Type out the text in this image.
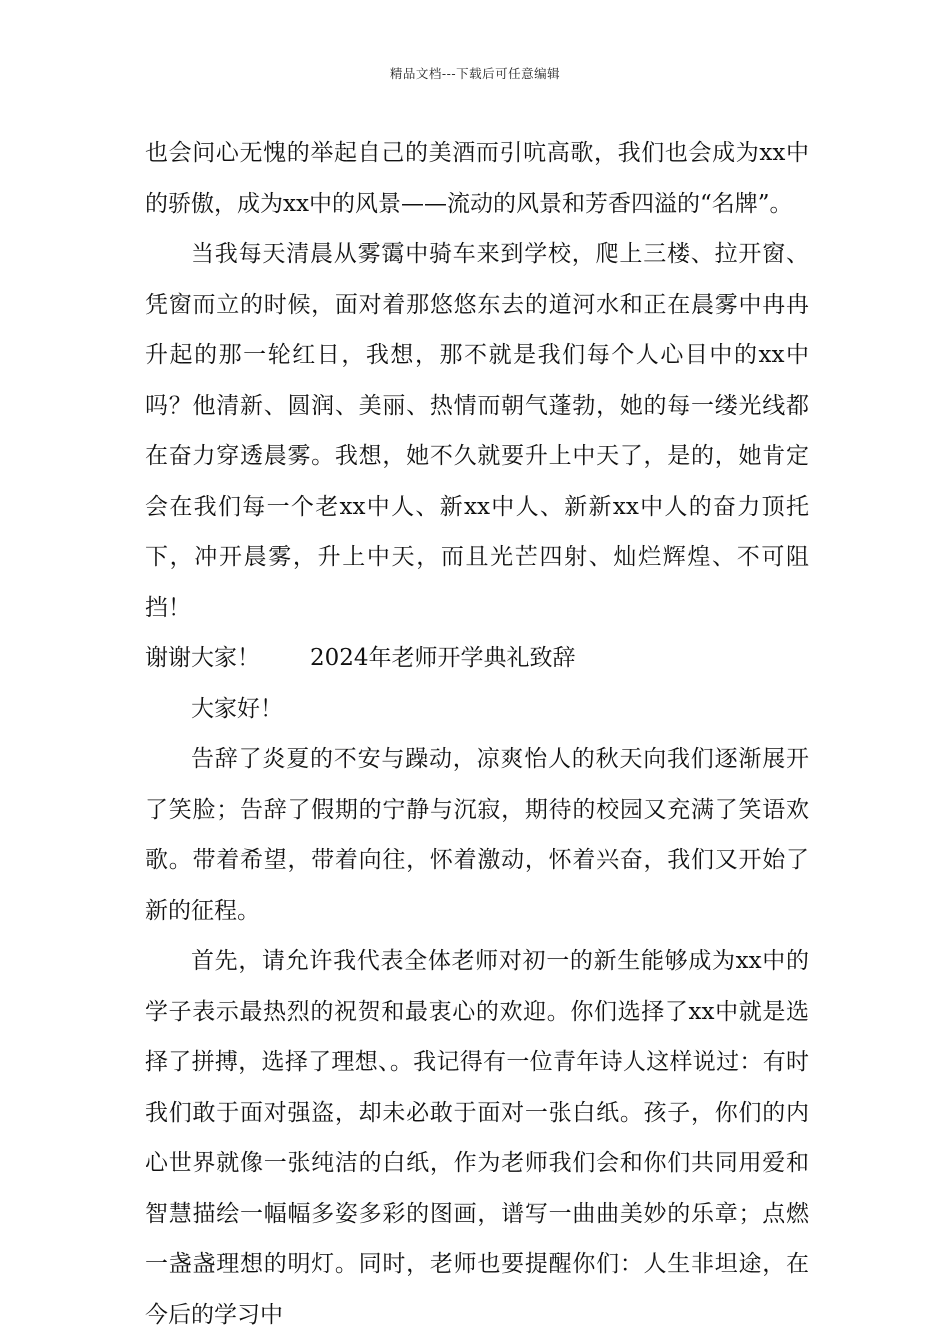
精品文档---下载后可任意编辑

也会问心无愧的举起自己的美酒而引吭高歌，我们也会成为xx中的骄傲，成为xx中的风景——流动的风景和芳香四溢的“名牌”。

当我每天清晨从雾霭中骑车来到学校，爬上三楼、拉开窗、凭窗而立的时候，面对着那悠悠东去的道河水和正在晨雾中冉冉升起的那一轮红日，我想，那不就是我们每个人心目中的xx中吗？他清新、圆润、美丽、热情而朝气蓬勃，她的每一缕光线都在奋力穿透晨雾。我想，她不久就要升上中天了，是的，她肯定会在我们每一个老xx中人、新xx中人、新新xx中人的奋力顶托下，冲开晨雾，升上中天，而且光芒四射、灿烂辉煌、不可阻挡！

谢谢大家！ 2024年老师开学典礼致辞

大家好！

告辞了炎夏的不安与躁动，凉爽怡人的秋天向我们逐渐展开了笑脸；告辞了假期的宁静与沉寂，期待的校园又充满了笑语欢歌。带着希望，带着向往，怀着激动，怀着兴奋，我们又开始了新的征程。

首先，请允许我代表全体老师对初一的新生能够成为xx中的学子表示最热烈的祝贺和最衷心的欢迎。你们选择了xx中就是选择了拼搏，选择了理想、。我记得有一位青年诗人这样说过：有时我们敢于面对强盗，却未必敢于面对一张白纸。孩子，你们的内心世界就像一张纯洁的白纸，作为老师我们会和你们共同用爱和智慧描绘一幅幅多姿多彩的图画，谱写一曲曲美妙的乐章；点燃一盏盏理想的明灯。同时，老师也要提醒你们：人生非坦途，在今后的学习中
